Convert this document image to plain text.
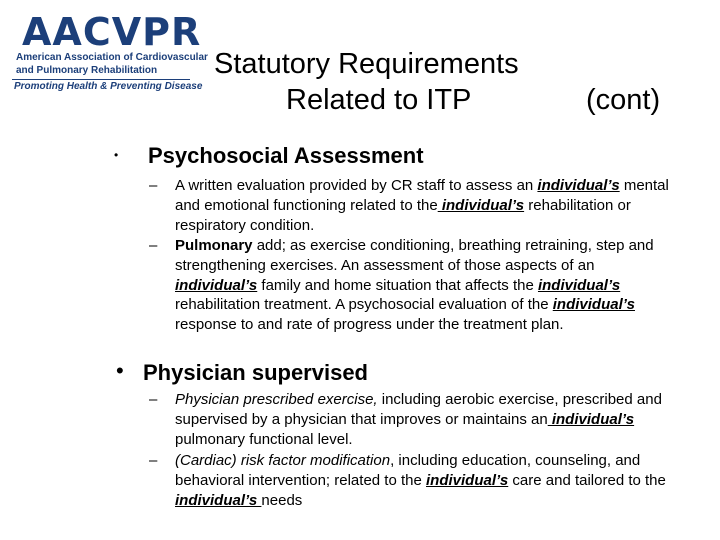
AACVPR
American Association of Cardiovascular
and Pulmonary Rehabilitation
Promoting Health & Preventing Disease
Statutory Requirements
Related to ITP	(cont)
• Psychosocial Assessment
– A written evaluation provided by CR staff to assess an individual’s mental and emotional functioning related to the individual’s rehabilitation or respiratory condition.
– Pulmonary add; as exercise conditioning, breathing retraining, step and strengthening exercises. An assessment of those aspects of an individual’s family and home situation that affects the individual’s rehabilitation treatment. A psychosocial evaluation of the individual’s response to and rate of progress under the treatment plan.
• Physician supervised
– Physician prescribed exercise, including aerobic exercise, prescribed and supervised by a physician that improves or maintains an individual’s pulmonary functional level.
– (Cardiac) risk factor modification, including education, counseling, and behavioral intervention; related to the individual’s care and tailored to the individual’s needs
